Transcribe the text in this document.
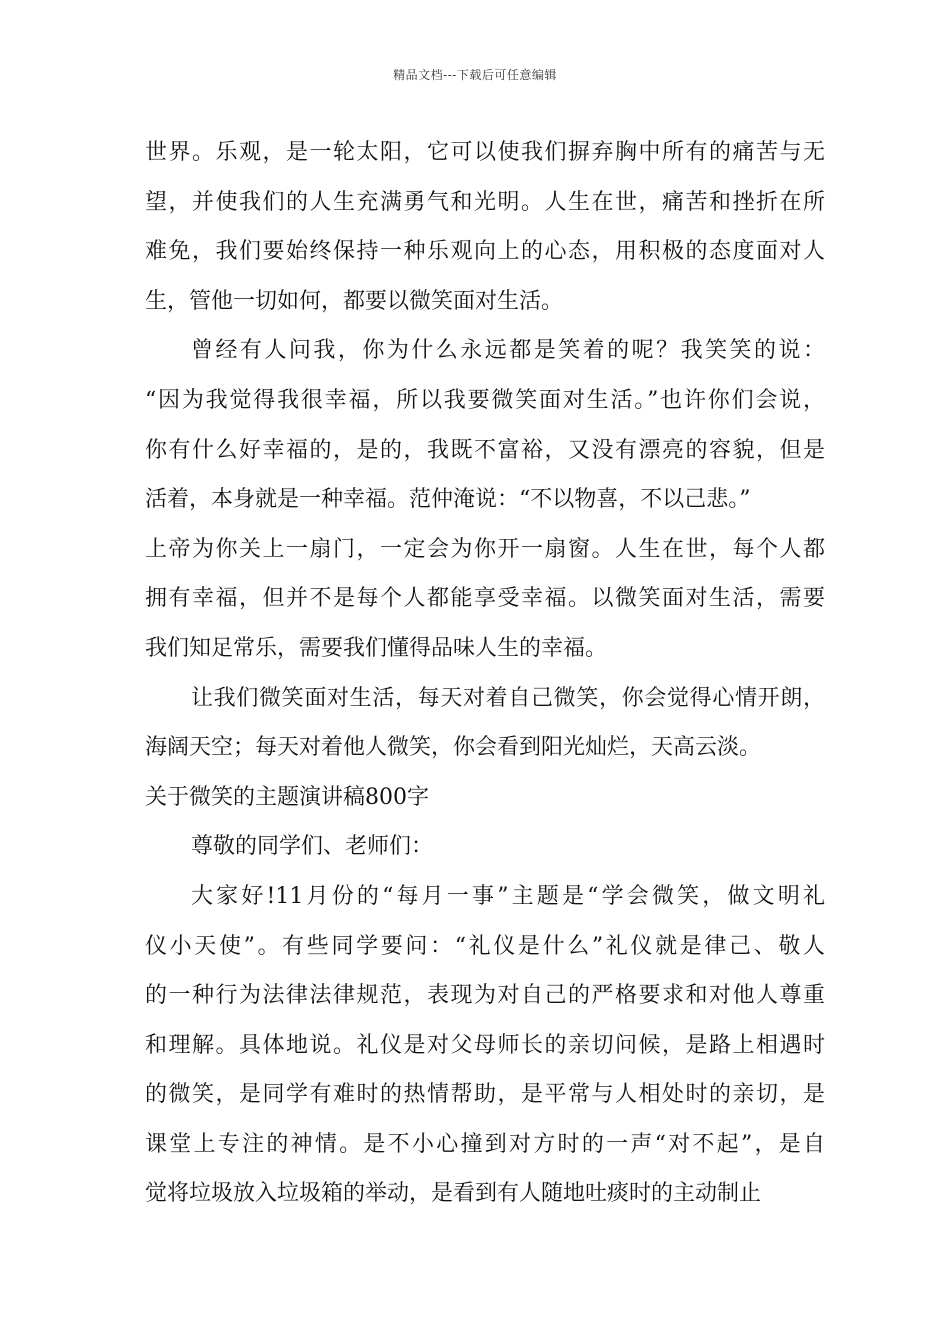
精品文档---下载后可任意编辑
世界。乐观，是一轮太阳，它可以使我们摒弃胸中所有的痛苦与无
望，并使我们的人生充满勇气和光明。人生在世，痛苦和挫折在所
难免，我们要始终保持一种乐观向上的心态，用积极的态度面对人
生，管他一切如何，都要以微笑面对生活。
曾经有人问我，你为什么永远都是笑着的呢？我笑笑的说：
“因为我觉得我很幸福，所以我要微笑面对生活。”也许你们会说，
你有什么好幸福的，是的，我既不富裕，又没有漂亮的容貌，但是
活着，本身就是一种幸福。范仲淹说：“不以物喜，不以己悲。”
上帝为你关上一扇门，一定会为你开一扇窗。人生在世，每个人都
拥有幸福，但并不是每个人都能享受幸福。以微笑面对生活，需要
我们知足常乐，需要我们懂得品味人生的幸福。
让我们微笑面对生活，每天对着自己微笑，你会觉得心情开朗，
海阔天空；每天对着他人微笑，你会看到阳光灿烂，天高云淡。
关于微笑的主题演讲稿800字
尊敬的同学们、老师们：
大家好!11月份的“每月一事”主题是“学会微笑，做文明礼
仪小天使”。有些同学要问：“礼仪是什么”礼仪就是律己、敬人
的一种行为法律法律规范，表现为对自己的严格要求和对他人尊重
和理解。具体地说。礼仪是对父母师长的亲切问候，是路上相遇时
的微笑，是同学有难时的热情帮助，是平常与人相处时的亲切，是
课堂上专注的神情。是不小心撞到对方时的一声“对不起”，是自
觉将垃圾放入垃圾箱的举动，是看到有人随地吐痰时的主动制止
